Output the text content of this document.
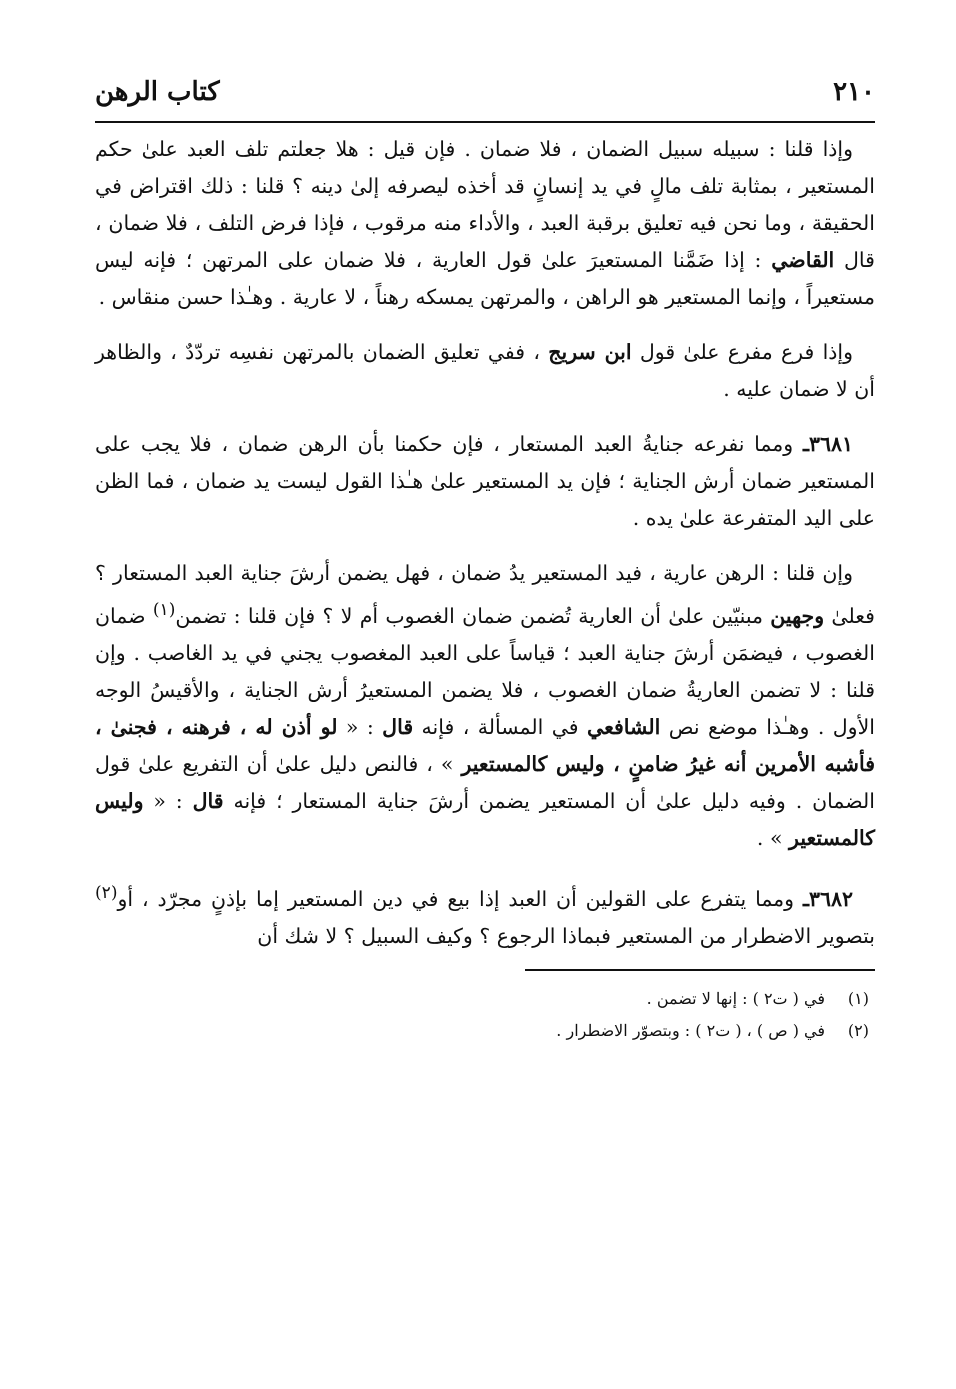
٢١٠
كتاب الرهن

وإذا قلنا : سبيله سبيل الضمان ، فلا ضمان . فإن قيل : هلا جعلتم تلف العبد علىٰ حكم المستعير ، بمثابة تلف مالٍ في يد إنسانٍ قد أخذه ليصرفه إلىٰ دينه ؟ قلنا : ذلك اقتراض في الحقيقة ، وما نحن فيه تعليق برقبة العبد ، والأداء منه مرقوب ، فإذا فرض التلف ، فلا ضمان ، قال القاضي : إذا ضَمَّنا المستعيرَ علىٰ قول العارية ، فلا ضمان على المرتهن ؛ فإنه ليس مستعيراً ، وإنما المستعير هو الراهن ، والمرتهن يمسكه رهناً ، لا عارية . وهـٰذا حسن منقاس .

وإذا فرع مفرع علىٰ قول ابن سريج ، ففي تعليق الضمان بالمرتهن نفسِه تردّدٌ ، والظاهر أن لا ضمان عليه .

٣٦٨١ـ ومما نفرعه جنايةُ العبد المستعار ، فإن حكمنا بأن الرهن ضمان ، فلا يجب على المستعير ضمان أرش الجناية ؛ فإن يد المستعير علىٰ هـٰذا القول ليست يد ضمان ، فما الظن على اليد المتفرعة علىٰ يده .

وإن قلنا : الرهن عارية ، فيد المستعير يدُ ضمان ، فهل يضمن أرشَ جناية العبد المستعار ؟ فعلىٰ وجهين مبنيّين علىٰ أن العارية تُضمن ضمان الغصوب أم لا ؟ فإن قلنا : تضمن$^{(١)}$ ضمان الغصوب ، فيضمَن أرشَ جناية العبد ؛ قياساً على العبد المغصوب يجني في يد الغاصب . وإن قلنا : لا تضمن العاريةُ ضمان الغصوب ، فلا يضمن المستعيرُ أرش الجناية ، والأقيسُ الوجه الأول . وهـٰذا موضع نص الشافعي في المسألة ، فإنه قال : « لو أذن له ، فرهنه ، فجنىٰ ، فأشبه الأمرين أنه غيرُ ضامنٍ ، وليس كالمستعير » ، فالنص دليل علىٰ أن التفريع علىٰ قول الضمان . وفيه دليل علىٰ أن المستعير يضمن أرشَ جناية المستعار ؛ فإنه قال : « وليس كالمستعير » .

٣٦٨٢ـ ومما يتفرع على القولين أن العبد إذا بيع في دين المستعير إما بإذنٍ مجرّد ، أو$^{(٢)}$ بتصوير الاضطرار من المستعير فبماذا الرجوع ؟ وكيف السبيل ؟ لا شك أن

(١)في ( ت٢ ) : إنها لا تضمن .
(٢)في ( ص ) ، ( ت٢ ) : وبتصوّر الاضطرار .
